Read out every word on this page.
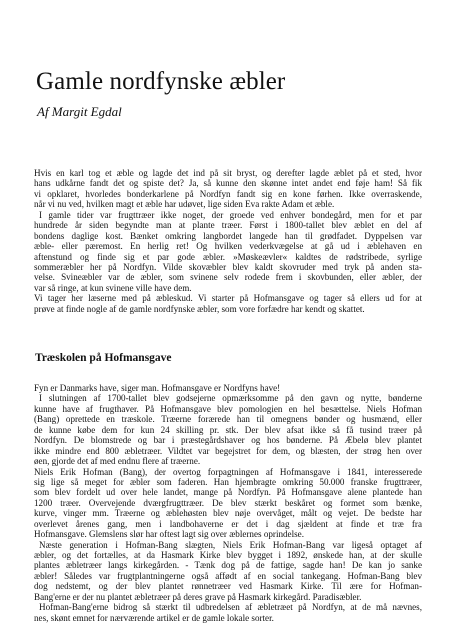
Gamle nordfynske æbler

Af Margit Egdal

Hvis en karl tog et æble og lagde det ind på sit bryst, og derefter lagde æblet på et sted, hvor
hans udkårne fandt det og spiste det? Ja, så kunne den skønne intet andet end føje ham! Så fik
vi opklaret, hvorledes bonderkarlene på Nordfyn fandt sig en kone førhen. Ikke overraskende,
når vi nu ved, hvilken magt et æble har udøvet, lige siden Eva rakte Adam et æble.
I gamle tider var frugttræer ikke noget, der groede ved enhver bondegård, men for et par
hundrede år siden begyndte man at plante træer. Først i 1800-tallet blev æblet en del af
bondens daglige kost. Bænket omkring langbordet langede han til grødfadet. Dyppelsen var
æble- eller pæremost. En herlig ret! Og hvilken vederkvægelse at gå ud i æblehaven en
aftenstund og finde sig et par gode æbler. »Møskeævler« kaldtes de rødstribede, syrlige
sommeræbler her på Nordfyn. Vilde skovæbler blev kaldt skovruder med tryk på anden sta-
velse. Svineæbler var de æbler, som svinene selv rodede frem i skovbunden, eller æbler, der
var så ringe, at kun svinene ville have dem.
Vi tager her læserne med på æbleskud. Vi starter på Hofmansgave og tager så ellers ud for at
prøve at finde nogle af de gamle nordfynske æbler, som vore forfædre har kendt og skattet.
Træskolen på Hofmansgave
Fyn er Danmarks have, siger man. Hofmansgave er Nordfyns have!
I slutningen af 1700-tallet blev godsejerne opmærksomme på den gavn og nytte, bønderne
kunne have af frugthaver. På Hofmansgave blev pomologien en hel besættelse. Niels Hofman
(Bang) oprettede en træskole. Træerne forærede han til omegnens bønder og husmænd, eller
de kunne købe dem for kun 24 skilling pr. stk. Der blev afsat ikke så få tusind træer på
Nordfyn. De blomstrede og bar i præstegårdshaver og hos bønderne. På Æbelø blev plantet
ikke mindre end 800 æbletræer. Vildtet var begejstret for dem, og blæsten, der strøg hen over
øen, gjorde det af med endnu flere af træerne.
Niels Erik Hofman (Bang), der overtog forpagtningen af Hofmansgave i 1841, interesserede
sig lige så meget for æbler som faderen. Han hjembragte omkring 50.000 franske frugttræer,
som blev fordelt ud over hele landet, mange på Nordfyn. På Hofmansgave alene plantede han
1200 træer. Overvejende dværgfrugttræer. De blev stærkt beskåret og formet som bænke,
kurve, vinger mm. Træerne og æblehøsten blev nøje overvåget, målt og vejet. De bedste har
overlevet årenes gang, men i landbohaverne er det i dag sjældent at finde et træ fra
Hofmansgave. Glemslens slør har oftest lagt sig over æblernes oprindelse.
Næste generation i Hofman-Bang slægten, Niels Erik Hofman-Bang var ligeså optaget af
æbler, og det fortælles, at da Hasmark Kirke blev bygget i 1892, ønskede han, at der skulle
plantes æbletræer langs kirkegården. - Tænk dog på de fattige, sagde han! De kan jo sanke
æbler! Således var frugtplantningerne også affødt af en social tankegang. Hofman-Bang blev
dog nedstemt, og der blev plantet rønnetræer ved Hasmark Kirke. Til ære for Hofman-
Bang'erne er der nu plantet æbletræer på deres grave på Hasmark kirkegård. Paradisæbler.
Hofman-Bang'erne bidrog så stærkt til udbredelsen af æbletræet på Nordfyn, at de må nævnes,
nes, skønt emnet for nærværende artikel er de gamle lokale sorter.
